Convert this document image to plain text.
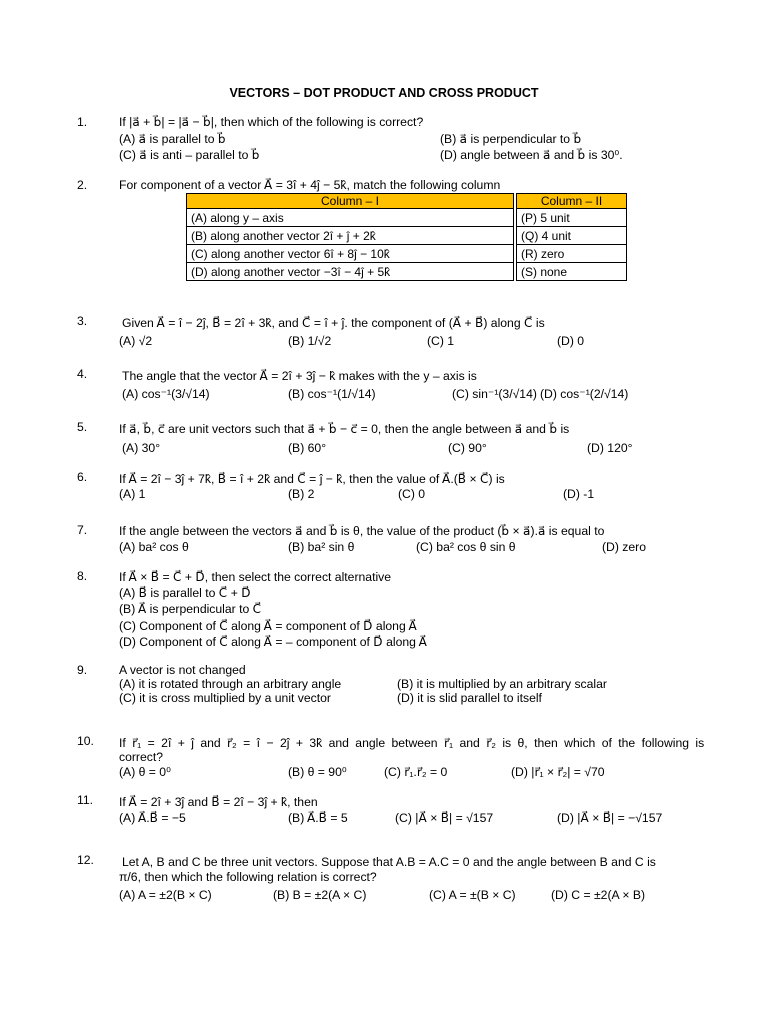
VECTORS – DOT PRODUCT AND CROSS PRODUCT
1.	If |a⃗ + b⃗| = |a⃗ − b⃗|, then which of the following is correct?
(A) a⃗ is parallel to b⃗	(B) a⃗ is perpendicular to b⃗
(C) a⃗ is anti – parallel to b⃗	(D) angle between a⃗ and b⃗ is 30⁰.
2.	For component of a vector A⃗ = 3î + 4ĵ − 5k̂, match the following column
Column – I		Column – II
(A) along y – axis		(P) 5 unit
(B) along another vector 2î + ĵ + 2k̂		(Q) 4 unit
(C) along another vector 6î + 8ĵ − 10k̂		(R) zero
(D) along another vector −3î − 4ĵ + 5k̂		(S) none
3.	Given A⃗ = î − 2ĵ, B⃗ = 2î + 3k̂, and C⃗ = î + ĵ. the component of (A⃗ + B⃗) along C⃗ is
(A) √2	(B) 1/√2	(C) 1	(D) 0
4.	The angle that the vector A⃗ = 2î + 3ĵ − k̂ makes with the y – axis is
(A) cos⁻¹(3/√14)	(B) cos⁻¹(1/√14)	(C) sin⁻¹(3/√14) (D) cos⁻¹(2/√14)
5.	If a⃗, b⃗, c⃗ are unit vectors such that a⃗ + b⃗ − c⃗ = 0, then the angle between a⃗ and b⃗ is
(A) 30°	(B) 60°	(C) 90°	(D) 120°
6.	If A⃗ = 2î − 3ĵ + 7k̂, B⃗ = î + 2k̂ and C⃗ = ĵ − k̂, then the value of A⃗.(B⃗ × C⃗) is
(A) 1	(B) 2	(C) 0	(D) -1
7.	If the angle between the vectors a⃗ and b⃗ is θ, the value of the product (b⃗ × a⃗).a⃗ is equal to
(A) ba² cos θ	(B) ba² sin θ	(C) ba² cos θ sin θ	(D) zero
8.	If A⃗ × B⃗ = C⃗ + D⃗, then select the correct alternative
(A) B⃗ is parallel to C⃗ + D⃗
(B) A⃗ is perpendicular to C⃗
(C) Component of C⃗ along A⃗ = component of D⃗ along A⃗
(D) Component of C⃗ along A⃗ = – component of D⃗ along A⃗
9.	A vector is not changed
(A) it is rotated through an arbitrary angle	(B) it is multiplied by an arbitrary scalar
(C) it is cross multiplied by a unit vector	(D) it is slid parallel to itself
10. If r⃗₁ = 2î + ĵ and r⃗₂ = î − 2ĵ + 3k̂ and angle between r⃗₁ and r⃗₂ is θ, then which of the following is
correct?
(A) θ = 0⁰	(B) θ = 90⁰	(C) r⃗₁.r⃗₂ = 0	(D) |r⃗₁ × r⃗₂| = √70
11. If A⃗ = 2î + 3ĵ and B⃗ = 2î − 3ĵ + k̂, then
(A) A⃗.B⃗ = −5	(B) A⃗.B⃗ = 5	(C) |A⃗ × B⃗| = √157	(D) |A⃗ × B⃗| = −√157
12. Let A, B and C be three unit vectors. Suppose that A.B = A.C = 0 and the angle between B and C is
π/6, then which the following relation is correct?
(A) A = ±2(B × C)	(B) B = ±2(A × C)	(C) A = ±(B × C)	(D) C = ±2(A × B)
